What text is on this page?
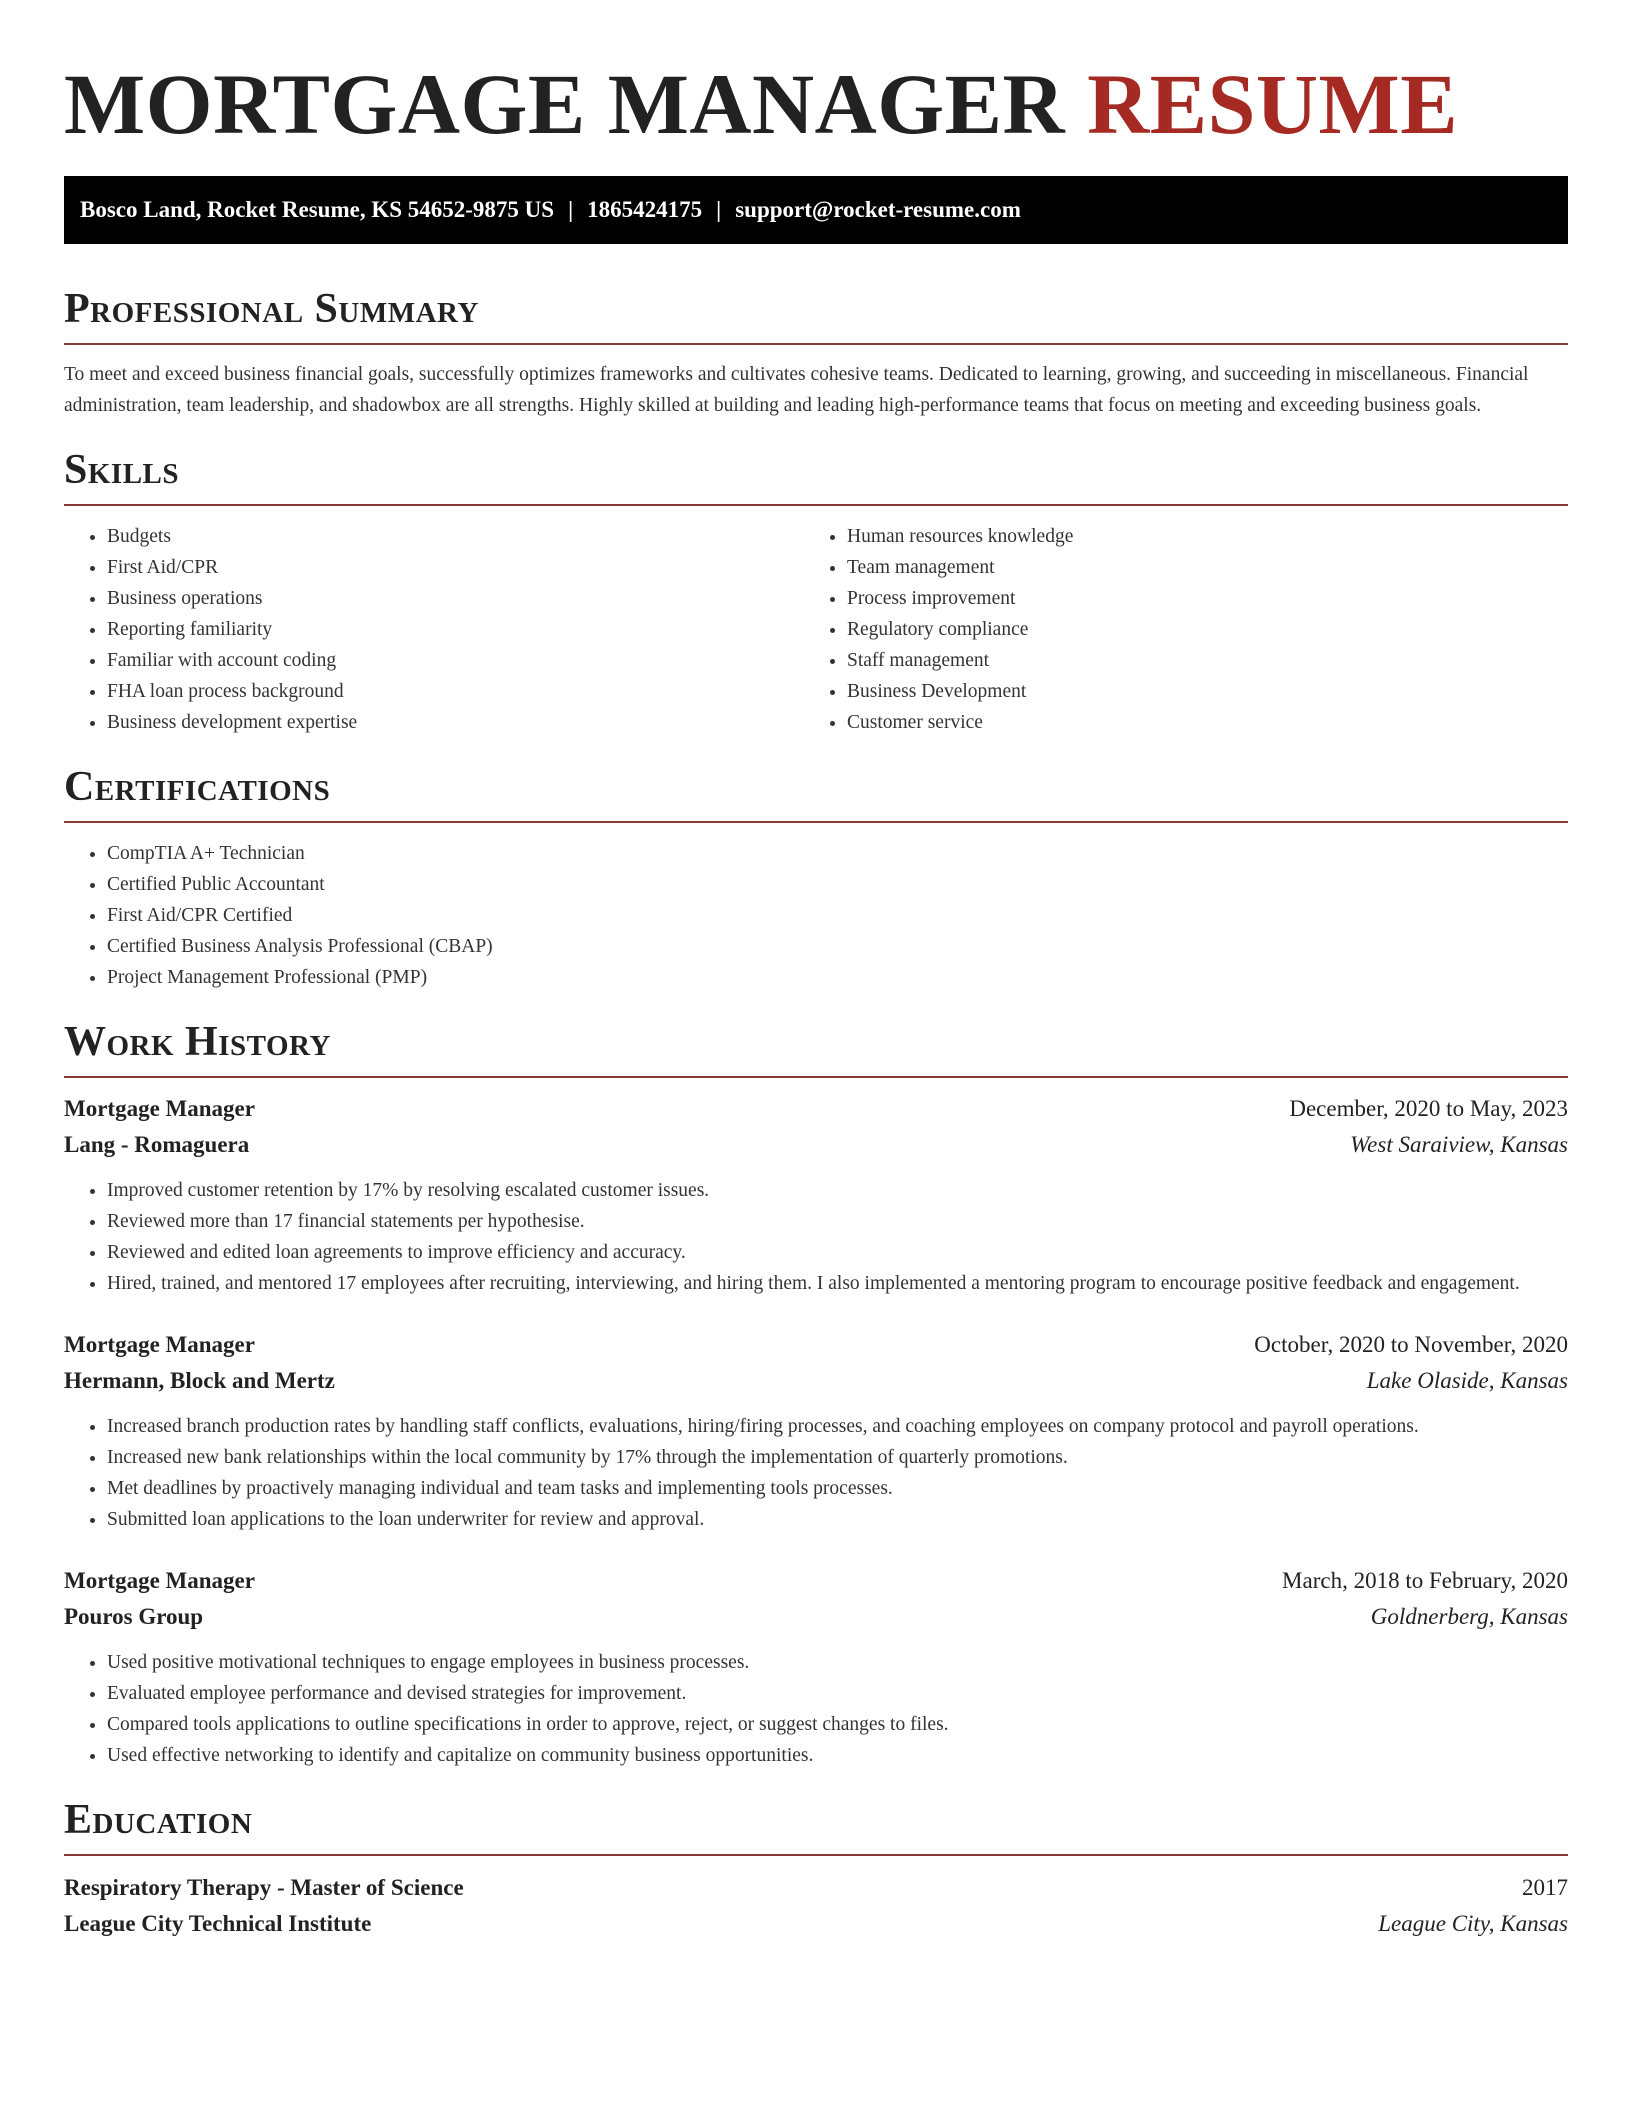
MORTGAGE MANAGER RESUME
Bosco Land, Rocket Resume, KS 54652-9875 US | 1865424175 | support@rocket-resume.com
Professional Summary

To meet and exceed business financial goals, successfully optimizes frameworks and cultivates cohesive teams. Dedicated to learning, growing, and succeeding in miscellaneous. Financial administration, team leadership, and shadowbox are all strengths. Highly skilled at building and leading high-performance teams that focus on meeting and exceeding business goals.

Skills
• Budgets
• First Aid/CPR
• Business operations
• Reporting familiarity
• Familiar with account coding
• FHA loan process background
• Business development expertise
• Human resources knowledge
• Team management
• Process improvement
• Regulatory compliance
• Staff management
• Business Development
• Customer service
Certifications
• CompTIA A+ Technician
• Certified Public Accountant
• First Aid/CPR Certified
• Certified Business Analysis Professional (CBAP)
• Project Management Professional (PMP)
Work History
Mortgage Manager	December, 2020 to May, 2023
Lang - Romaguera	West Saraiview, Kansas
• Improved customer retention by 17% by resolving escalated customer issues.
• Reviewed more than 17 financial statements per hypothesise.
• Reviewed and edited loan agreements to improve efficiency and accuracy.
• Hired, trained, and mentored 17 employees after recruiting, interviewing, and hiring them. I also implemented a mentoring program to encourage positive feedback and engagement.
Mortgage Manager	October, 2020 to November, 2020
Hermann, Block and Mertz	Lake Olaside, Kansas
• Increased branch production rates by handling staff conflicts, evaluations, hiring/firing processes, and coaching employees on company protocol and payroll operations.
• Increased new bank relationships within the local community by 17% through the implementation of quarterly promotions.
• Met deadlines by proactively managing individual and team tasks and implementing tools processes.
• Submitted loan applications to the loan underwriter for review and approval.
Mortgage Manager	March, 2018 to February, 2020
Pouros Group	Goldnerberg, Kansas
• Used positive motivational techniques to engage employees in business processes.
• Evaluated employee performance and devised strategies for improvement.
• Compared tools applications to outline specifications in order to approve, reject, or suggest changes to files.
• Used effective networking to identify and capitalize on community business opportunities.
Education
Respiratory Therapy - Master of Science	2017
League City Technical Institute	League City, Kansas
